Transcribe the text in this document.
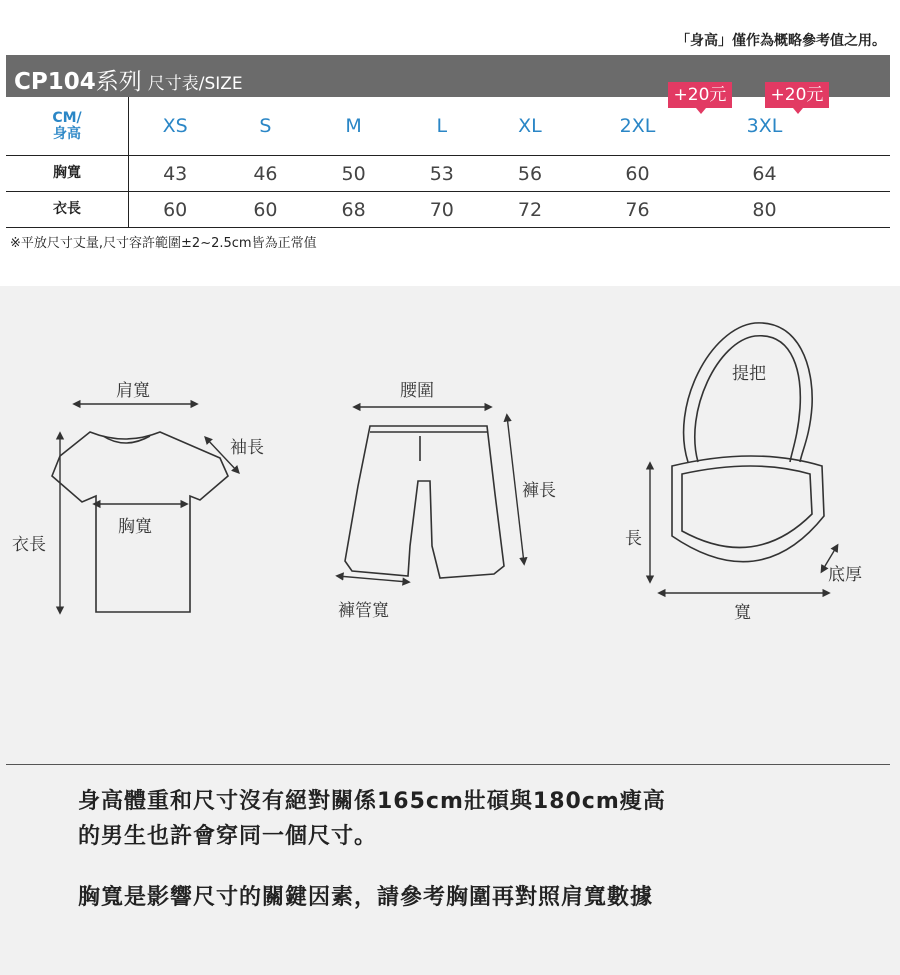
「身高」僅作為概略參考值之用。
CP104系列 尺寸表/SIZE
+20元	+20元
CM/
身高	XS	S	M	L	XL	2XL	3XL	
胸寬	43	46	50	53	56	60	64	
衣長	60	60	68	70	72	76	80	
※平放尺寸丈量,尺寸容許範圍±2~2.5cm皆為正常值
肩寬
袖長
胸寬
衣長
腰圍
褲長
褲管寬
提把
長
寬
底厚
身高體重和尺寸沒有絕對關係165cm壯碩與180cm瘦高
的男生也許會穿同一個尺寸。
胸寬是影響尺寸的關鍵因素，請參考胸圍再對照肩寬數據
